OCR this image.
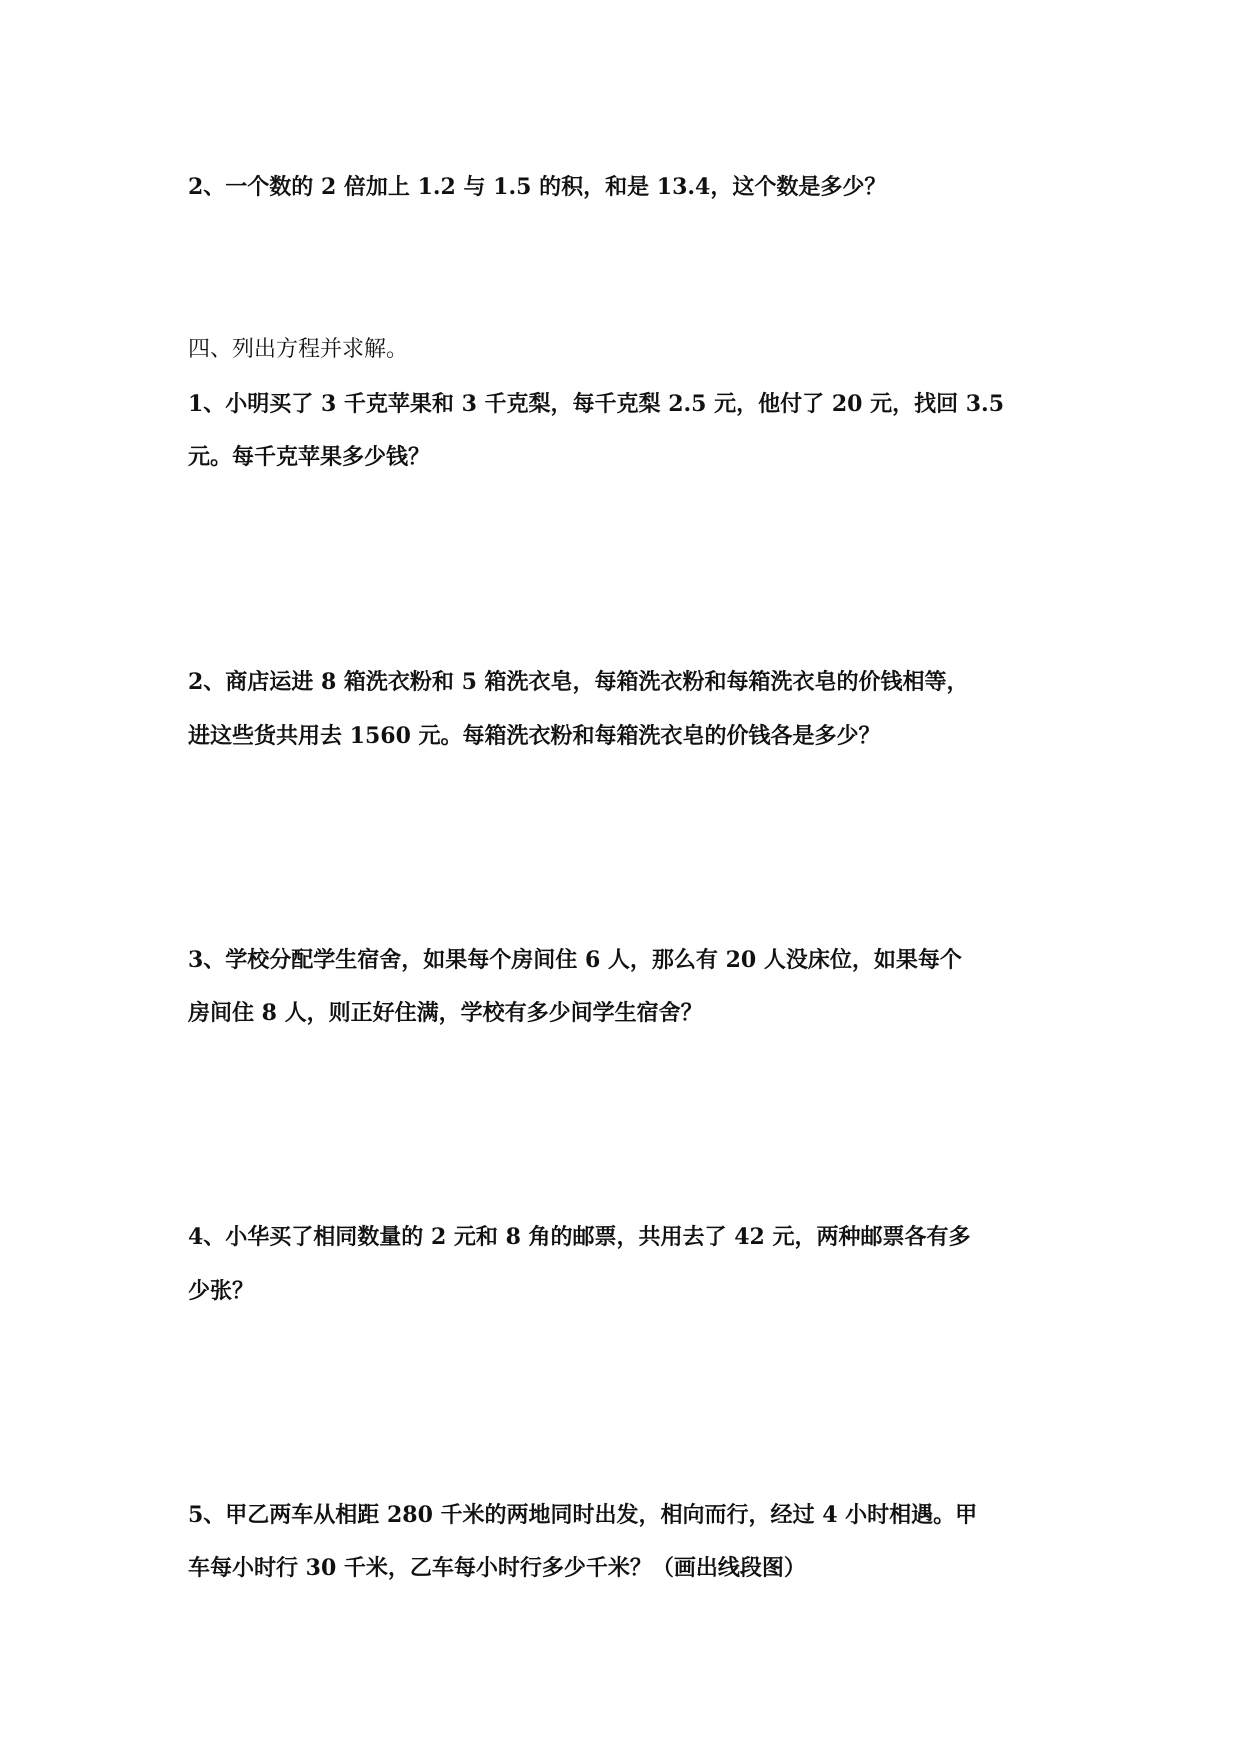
2、一个数的 2 倍加上 1.2 与 1.5 的积，和是 13.4，这个数是多少？
四、列出方程并求解。
1、小明买了 3 千克苹果和 3 千克梨，每千克梨 2.5 元，他付了 20 元，找回 3.5
元。每千克苹果多少钱？
2、商店运进 8 箱洗衣粉和 5 箱洗衣皂，每箱洗衣粉和每箱洗衣皂的价钱相等，
进这些货共用去 1560 元。每箱洗衣粉和每箱洗衣皂的价钱各是多少？
3、学校分配学生宿舍，如果每个房间住 6 人，那么有 20 人没床位，如果每个
房间住 8 人，则正好住满，学校有多少间学生宿舍？
4、小华买了相同数量的 2 元和 8 角的邮票，共用去了 42 元，两种邮票各有多
少张？
5、甲乙两车从相距 280 千米的两地同时出发，相向而行，经过 4 小时相遇。甲
车每小时行 30 千米，乙车每小时行多少千米？（画出线段图）
